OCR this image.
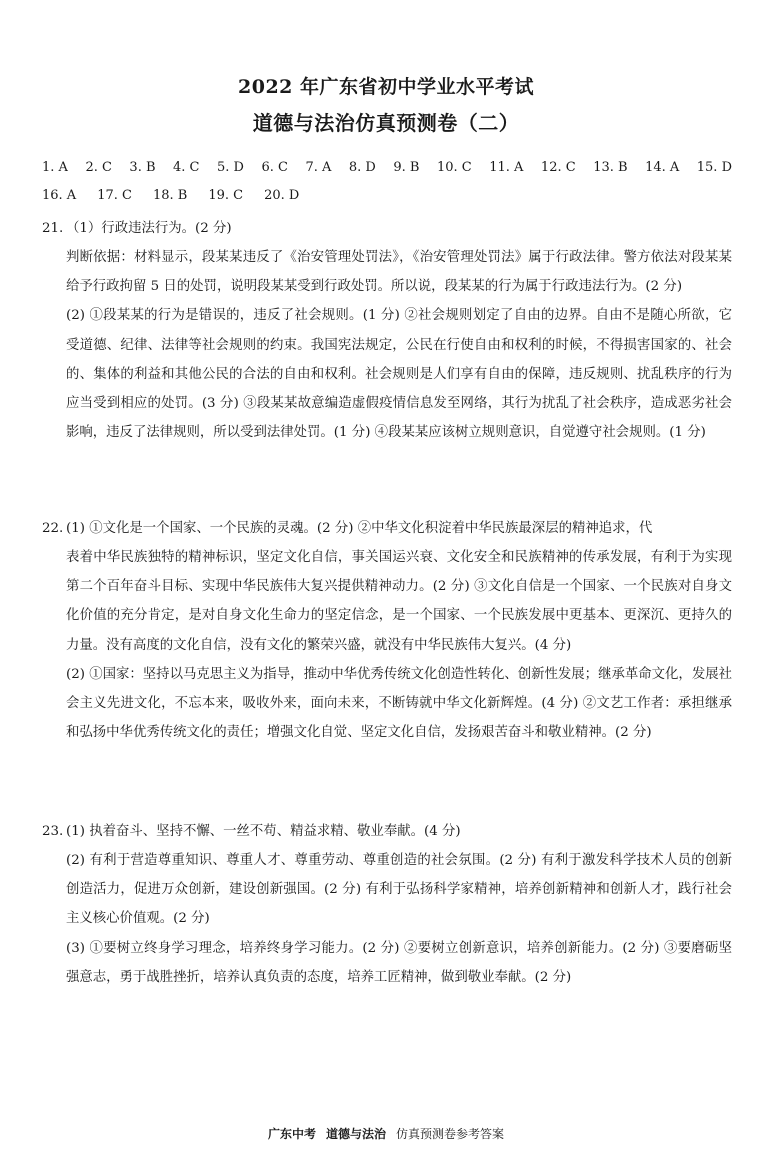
2022 年广东省初中学业水平考试
道德与法治仿真预测卷（二）
1. A 2. C 3. B 4. C 5. D 6. C 7. A 8. D 9. B 10. C 11. A 12. C 13. B 14. A 15. D
16. A 17. C 18. B 19. C 20. D
21. （1）行政违法行为。(2 分)

判断依据：材料显示，段某某违反了《治安管理处罚法》，《治安管理处罚法》属于行政法律。警方依法对段某某给予行政拘留 5 日的处罚，说明段某某受到行政处罚。所以说，段某某的行为属于行政违法行为。(2 分)

(2) ①段某某的行为是错误的，违反了社会规则。(1 分) ②社会规则划定了自由的边界。自由不是随心所欲，它受道德、纪律、法律等社会规则的约束。我国宪法规定，公民在行使自由和权利的时候，不得损害国家的、社会的、集体的利益和其他公民的合法的自由和权利。社会规则是人们享有自由的保障，违反规则、扰乱秩序的行为应当受到相应的处罚。(3 分) ③段某某故意编造虚假疫情信息发至网络，其行为扰乱了社会秩序，造成恶劣社会影响，违反了法律规则，所以受到法律处罚。(1 分) ④段某某应该树立规则意识，自觉遵守社会规则。(1 分)

22. (1) ①文化是一个国家、一个民族的灵魂。(2 分) ②中华文化积淀着中华民族最深层的精神追求，代

表着中华民族独特的精神标识，坚定文化自信，事关国运兴衰、文化安全和民族精神的传承发展，有利于为实现第二个百年奋斗目标、实现中华民族伟大复兴提供精神动力。(2 分) ③文化自信是一个国家、一个民族对自身文化价值的充分肯定，是对自身文化生命力的坚定信念，是一个国家、一个民族发展中更基本、更深沉、更持久的力量。没有高度的文化自信，没有文化的繁荣兴盛，就没有中华民族伟大复兴。(4 分)

(2) ①国家：坚持以马克思主义为指导，推动中华优秀传统文化创造性转化、创新性发展；继承革命文化，发展社会主义先进文化，不忘本来，吸收外来，面向未来，不断铸就中华文化新辉煌。(4 分) ②文艺工作者：承担继承和弘扬中华优秀传统文化的责任；增强文化自觉、坚定文化自信，发扬艰苦奋斗和敬业精神。(2 分)

23. (1) 执着奋斗、坚持不懈、一丝不苟、精益求精、敬业奉献。(4 分)

(2) 有利于营造尊重知识、尊重人才、尊重劳动、尊重创造的社会氛围。(2 分) 有利于激发科学技术人员的创新创造活力，促进万众创新，建设创新强国。(2 分) 有利于弘扬科学家精神，培养创新精神和创新人才，践行社会主义核心价值观。(2 分)

(3) ①要树立终身学习理念，培养终身学习能力。(2 分) ②要树立创新意识，培养创新能力。(2 分) ③要磨砺坚强意志，勇于战胜挫折，培养认真负责的态度，培养工匠精神，做到敬业奉献。(2 分)

广东中考 道德与法治 仿真预测卷参考答案
